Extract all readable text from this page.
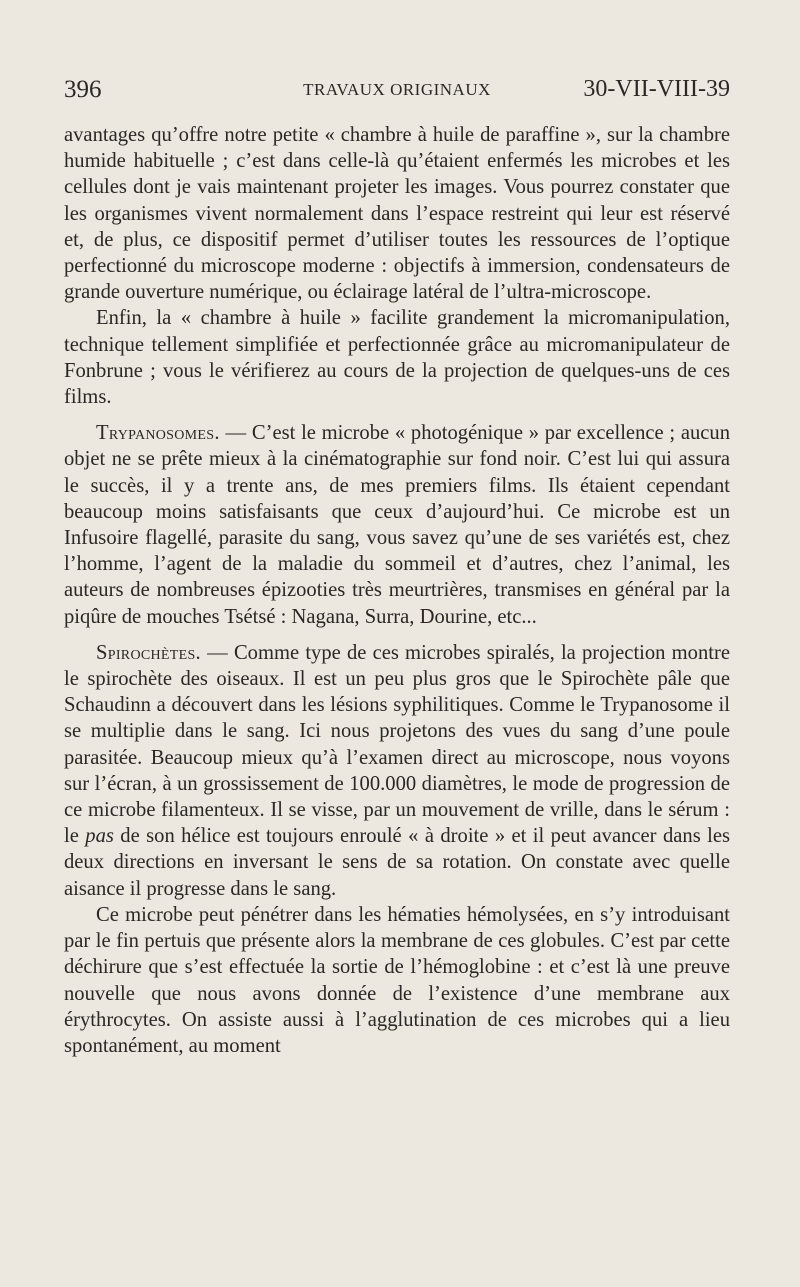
396	TRAVAUX ORIGINAUX	30-VII-VIII-39

avantages qu’offre notre petite « chambre à huile de paraffine », sur la chambre humide habituelle ; c’est dans celle-là qu’étaient enfermés les microbes et les cellules dont je vais maintenant projeter les images. Vous pourrez constater que les organismes vivent normalement dans l’espace restreint qui leur est réservé et, de plus, ce dispositif permet d’utiliser toutes les ressources de l’optique perfectionné du microscope moderne : objectifs à immersion, condensateurs de grande ouverture numérique, ou éclairage latéral de l’ultra-microscope.

Enfin, la « chambre à huile » facilite grandement la micromanipulation, technique tellement simplifiée et perfectionnée grâce au micromanipulateur de Fonbrune ; vous le vérifierez au cours de la projection de quelques-uns de ces films.

Trypanosomes. — C’est le microbe « photogénique » par excellence ; aucun objet ne se prête mieux à la cinématographie sur fond noir. C’est lui qui assura le succès, il y a trente ans, de mes premiers films. Ils étaient cependant beaucoup moins satisfaisants que ceux d’aujourd’hui. Ce microbe est un Infusoire flagellé, parasite du sang, vous savez qu’une de ses variétés est, chez l’homme, l’agent de la maladie du sommeil et d’autres, chez l’animal, les auteurs de nombreuses épizooties très meurtrières, transmises en général par la piqûre de mouches Tsétsé : Nagana, Surra, Dourine, etc...

Spirochètes. — Comme type de ces microbes spiralés, la projection montre le spirochète des oiseaux. Il est un peu plus gros que le Spirochète pâle que Schaudinn a découvert dans les lésions syphilitiques. Comme le Trypanosome il se multiplie dans le sang. Ici nous projetons des vues du sang d’une poule parasitée. Beaucoup mieux qu’à l’examen direct au microscope, nous voyons sur l’écran, à un grossissement de 100.000 diamètres, le mode de progression de ce microbe filamenteux. Il se visse, par un mouvement de vrille, dans le sérum : le pas de son hélice est toujours enroulé « à droite » et il peut avancer dans les deux directions en inversant le sens de sa rotation. On constate avec quelle aisance il progresse dans le sang.

Ce microbe peut pénétrer dans les hématies hémolysées, en s’y introduisant par le fin pertuis que présente alors la membrane de ces globules. C’est par cette déchirure que s’est effectuée la sortie de l’hémoglobine : et c’est là une preuve nouvelle que nous avons donnée de l’existence d’une membrane aux érythrocytes. On assiste aussi à l’agglutination de ces microbes qui a lieu spontanément, au moment
